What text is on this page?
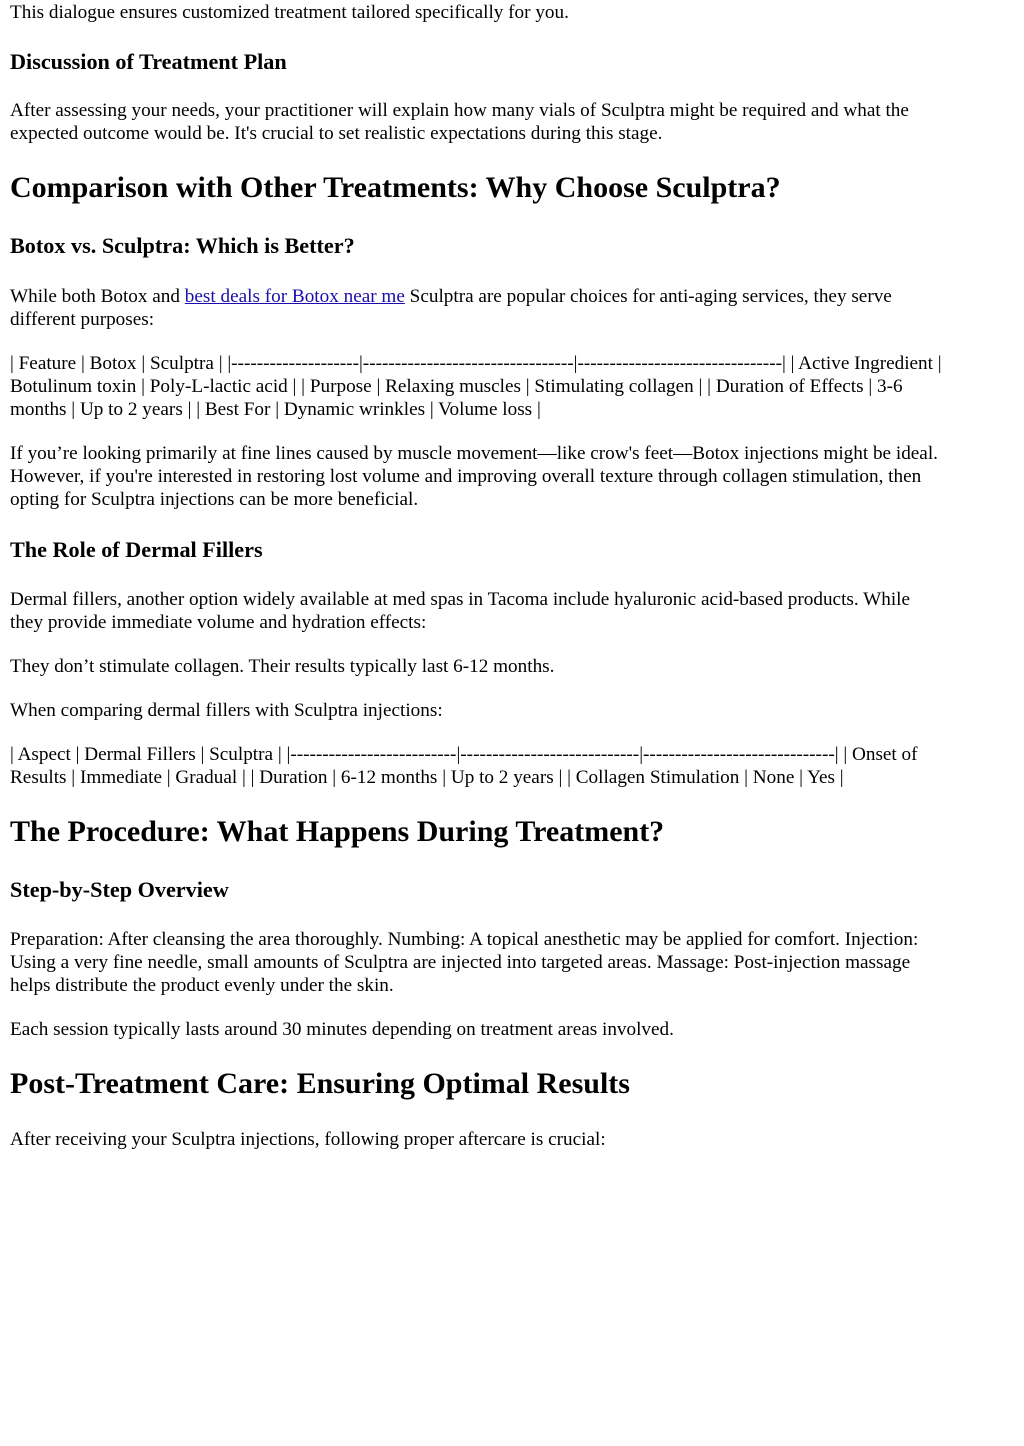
This dialogue ensures customized treatment tailored specifically for you.

Discussion of Treatment Plan

After assessing your needs, your practitioner will explain how many vials of Sculptra might be required and what the

expected outcome would be. It's crucial to set realistic expectations during this stage.

Comparison with Other Treatments: Why Choose Sculptra?
Botox vs. Sculptra: Which is Better?

While both Botox and best deals for Botox near me Sculptra are popular choices for anti-aging services, they serve

different purposes:

| Feature | Botox | Sculptra | |--------------------|---------------------------------|--------------------------------| | Active Ingredient |

Botulinum toxin | Poly-L-lactic acid | | Purpose | Relaxing muscles | Stimulating collagen | | Duration of Effects | 3-6

months | Up to 2 years | | Best For | Dynamic wrinkles | Volume loss |

If you’re looking primarily at fine lines caused by muscle movement—like crow's feet—Botox injections might be ideal.

However, if you're interested in restoring lost volume and improving overall texture through collagen stimulation, then

opting for Sculptra injections can be more beneficial.

The Role of Dermal Fillers

Dermal fillers, another option widely available at med spas in Tacoma include hyaluronic acid-based products. While

they provide immediate volume and hydration effects:

They don’t stimulate collagen. Their results typically last 6-12 months.

When comparing dermal fillers with Sculptra injections:

| Aspect | Dermal Fillers | Sculptra | |--------------------------|----------------------------|------------------------------| | Onset of

Results | Immediate | Gradual | | Duration | 6-12 months | Up to 2 years | | Collagen Stimulation | None | Yes |

The Procedure: What Happens During Treatment?
Step-by-Step Overview

Preparation: After cleansing the area thoroughly. Numbing: A topical anesthetic may be applied for comfort. Injection:

Using a very fine needle, small amounts of Sculptra are injected into targeted areas. Massage: Post-injection massage

helps distribute the product evenly under the skin.

Each session typically lasts around 30 minutes depending on treatment areas involved.

Post-Treatment Care: Ensuring Optimal Results

After receiving your Sculptra injections, following proper aftercare is crucial:
